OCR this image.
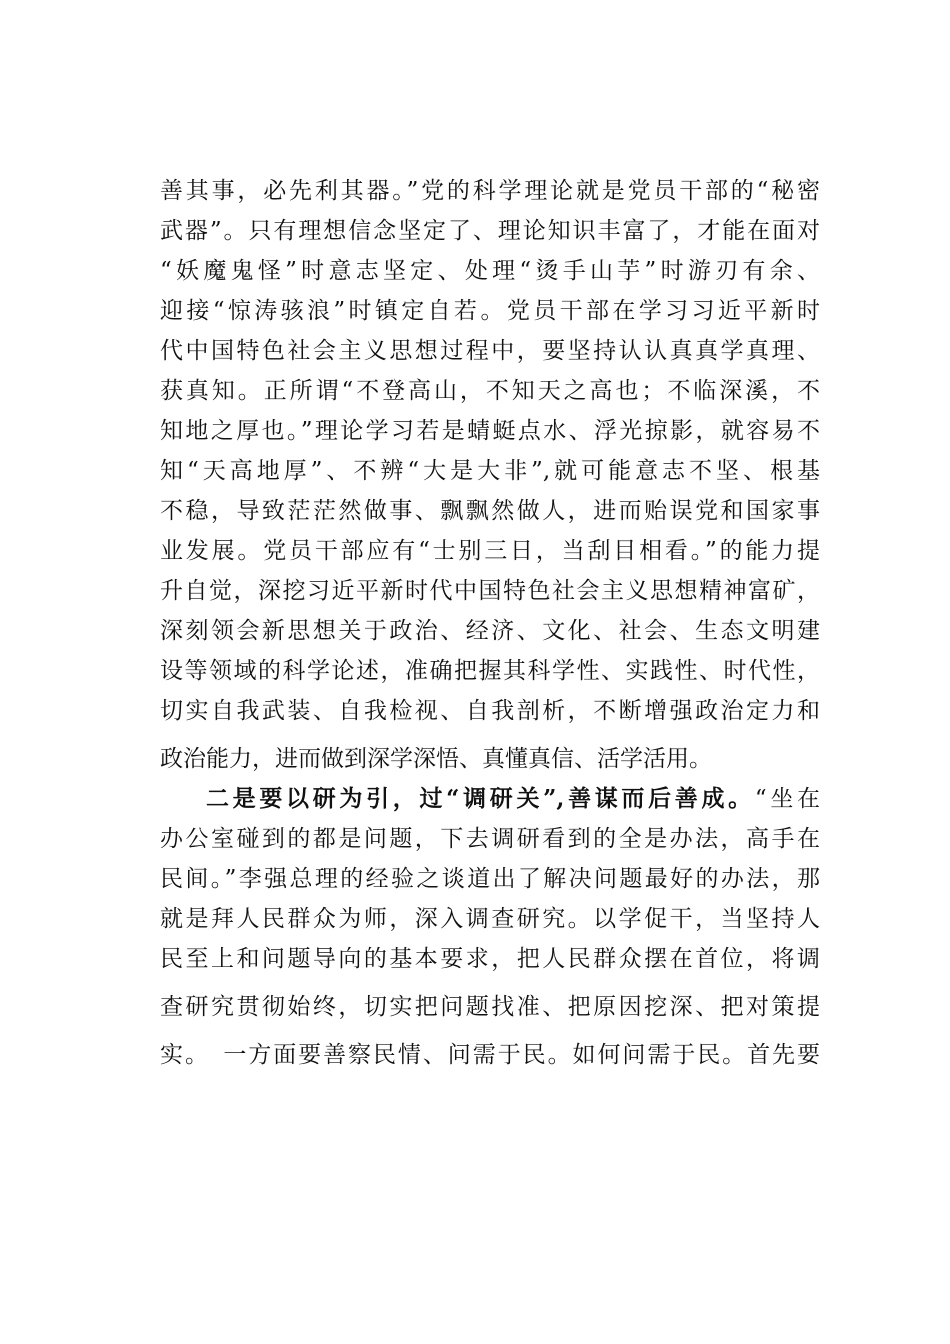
善其事，必先利其器。”党的科学理论就是党员干部的“秘密
武器”。只有理想信念坚定了、理论知识丰富了，才能在面对
“妖魔鬼怪”时意志坚定、处理“烫手山芋”时游刃有余、
迎接“惊涛骇浪”时镇定自若。党员干部在学习习近平新时
代中国特色社会主义思想过程中，要坚持认认真真学真理、
获真知。正所谓“不登高山，不知天之高也；不临深溪，不
知地之厚也。”理论学习若是蜻蜓点水、浮光掠影，就容易不
知“天高地厚”、不辨“大是大非”,就可能意志不坚、根基
不稳，导致茫茫然做事、飘飘然做人，进而贻误党和国家事
业发展。党员干部应有“士别三日，当刮目相看。”的能力提
升自觉，深挖习近平新时代中国特色社会主义思想精神富矿，
深刻领会新思想关于政治、经济、文化、社会、生态文明建
设等领域的科学论述，准确把握其科学性、实践性、时代性，
切实自我武装、自我检视、自我剖析，不断增强政治定力和
政治能力，进而做到深学深悟、真懂真信、活学活用。
二是要以研为引，过“调研关”,善谋而后善成。“坐在
办公室碰到的都是问题，下去调研看到的全是办法，高手在
民间。”李强总理的经验之谈道出了解决问题最好的办法，那
就是拜人民群众为师，深入调查研究。以学促干，当坚持人
民至上和问题导向的基本要求，把人民群众摆在首位，将调
查研究贯彻始终，切实把问题找准、把原因挖深、把对策提
实。　一方面要善察民情、问需于民。如何问需于民。首先要
